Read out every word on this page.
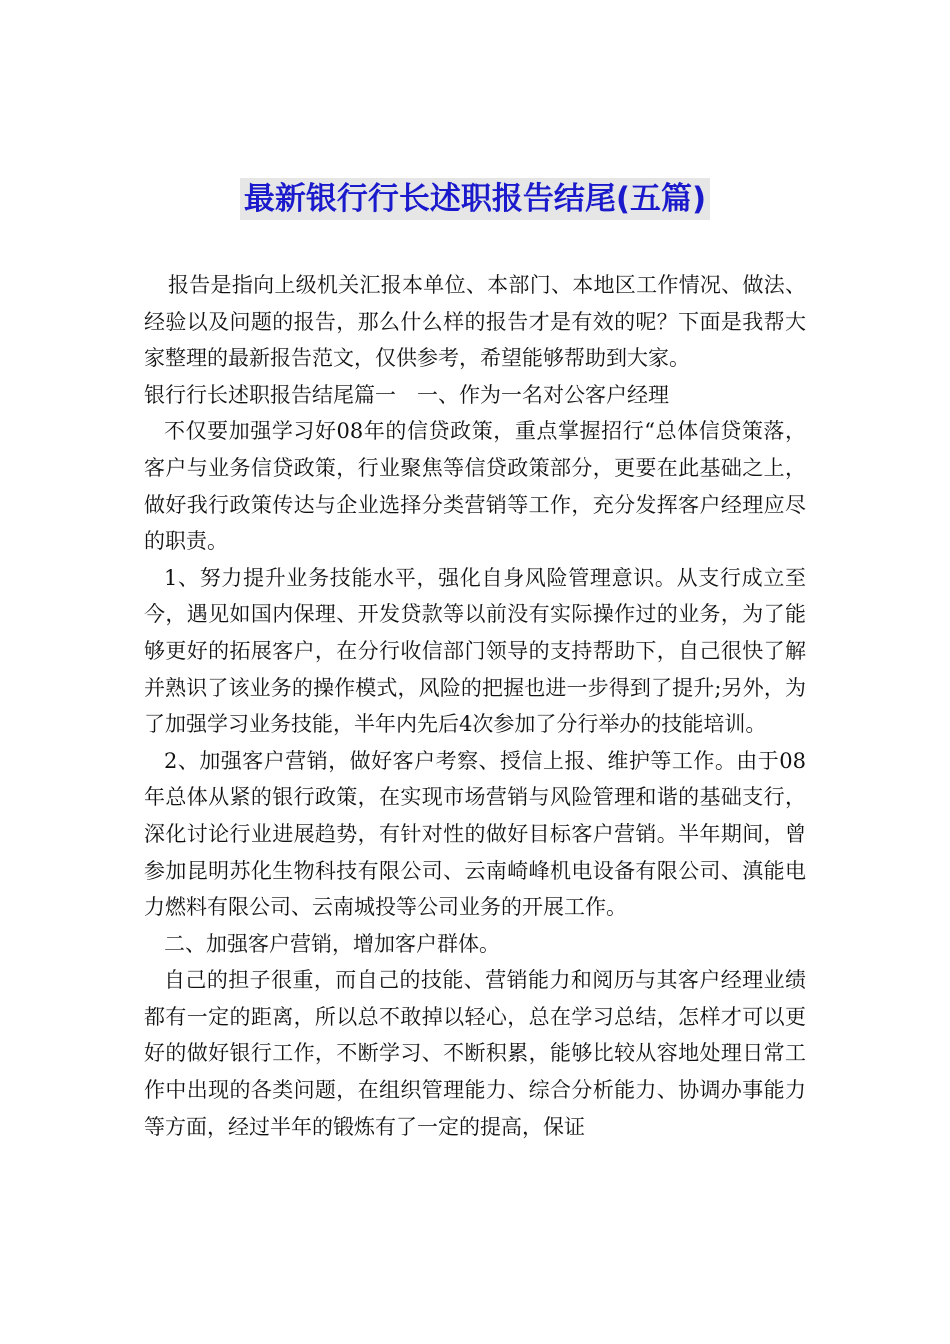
最新银行行长述职报告结尾(五篇)

报告是指向上级机关汇报本单位、本部门、本地区工作情况、做法、经验以及问题的报告，那么什么样的报告才是有效的呢？下面是我帮大家整理的最新报告范文，仅供参考，希望能够帮助到大家。

银行行长述职报告结尾篇一　一、作为一名对公客户经理

不仅要加强学习好08年的信贷政策，重点掌握招行“总体信贷策落，客户与业务信贷政策，行业聚焦等信贷政策部分，更要在此基础之上，做好我行政策传达与企业选择分类营销等工作，充分发挥客户经理应尽的职责。

1、努力提升业务技能水平，强化自身风险管理意识。从支行成立至今，遇见如国内保理、开发贷款等以前没有实际操作过的业务，为了能够更好的拓展客户，在分行收信部门领导的支持帮助下，自己很快了解并熟识了该业务的操作模式，风险的把握也进一步得到了提升;另外，为了加强学习业务技能，半年内先后4次参加了分行举办的技能培训。

2、加强客户营销，做好客户考察、授信上报、维护等工作。由于08年总体从紧的银行政策，在实现市场营销与风险管理和谐的基础支行，深化讨论行业进展趋势，有针对性的做好目标客户营销。半年期间，曾参加昆明苏化生物科技有限公司、云南崎峰机电设备有限公司、滇能电力燃料有限公司、云南城投等公司业务的开展工作。

二、加强客户营销，增加客户群体。

自己的担子很重，而自己的技能、营销能力和阅历与其客户经理业绩都有一定的距离，所以总不敢掉以轻心，总在学习总结，怎样才可以更好的做好银行工作，不断学习、不断积累，能够比较从容地处理日常工作中出现的各类问题，在组织管理能力、综合分析能力、协调办事能力等方面，经过半年的锻炼有了一定的提高，保证
